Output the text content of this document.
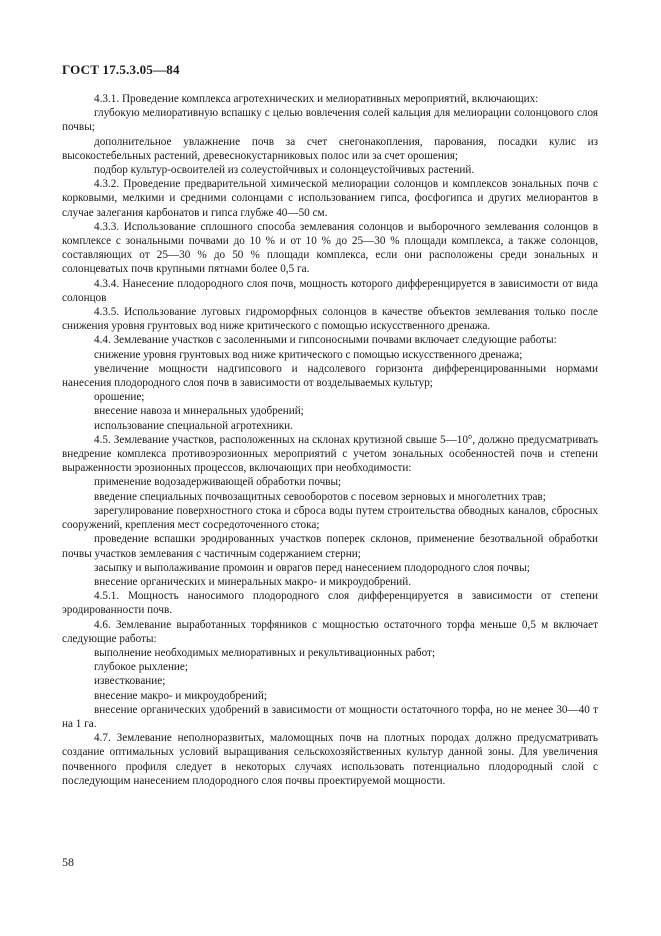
ГОСТ 17.5.3.05—84

4.3.1. Проведение комплекса агротехнических и мелиоративных мероприятий, включающих:

глубокую мелиоративную вспашку с целью вовлечения солей кальция для мелиорации солонцового слоя почвы;

дополнительное увлажнение почв за счет снегонакопления, парования, посадки кулис из высокостебельных растений, древеснокустарниковых полос или за счет орошения;

подбор культур-освоителей из солеустойчивых и солонцеустойчивых растений.

4.3.2. Проведение предварительной химической мелиорации солонцов и комплексов зональных почв с корковыми, мелкими и средними солонцами с использованием гипса, фосфогипса и других мелиорантов в случае залегания карбонатов и гипса глубже 40—50 см.

4.3.3. Использование сплошного способа землевания солонцов и выборочного землевания солонцов в комплексе с зональными почвами до 10 % и от 10 % до 25—30 % площади комплекса, а также солонцов, составляющих от 25—30 % до 50 % площади комплекса, если они расположены среди зональных и солонцеватых почв крупными пятнами более 0,5 га.

4.3.4. Нанесение плодородного слоя почв, мощность которого дифференцируется в зависимости от вида солонцов

4.3.5. Использование луговых гидроморфных солонцов в качестве объектов землевания только после снижения уровня грунтовых вод ниже критического с помощью искусственного дренажа.

4.4. Землевание участков с засоленными и гипсоносными почвами включает следующие работы:

снижение уровня грунтовых вод ниже критического с помощью искусственного дренажа;

увеличение мощности надгипсового и надсолевого горизонта дифференцированными нормами нанесения плодородного слоя почв в зависимости от возделываемых культур;

орошение;

внесение навоза и минеральных удобрений;

использование специальной агротехники.

4.5. Землевание участков, расположенных на склонах крутизной свыше 5—10°, должно предусматривать внедрение комплекса противоэрозионных мероприятий с учетом зональных особенностей почв и степени выраженности эрозионных процессов, включающих при необходимости:

применение водозадерживающей обработки почвы;

введение специальных почвозащитных севооборотов с посевом зерновых и многолетних трав;

зарегулирование поверхностного стока и сброса воды путем строительства обводных каналов, сбросных сооружений, крепления мест сосредоточенного стока;

проведение вспашки эродированных участков поперек склонов, применение безотвальной обработки почвы участков землевания с частичным содержанием стерни;

засыпку и выполаживание промоин и оврагов перед нанесением плодородного слоя почвы;

внесение органических и минеральных макро- и микроудобрений.

4.5.1. Мощность наносимого плодородного слоя дифференцируется в зависимости от степени эродированности почв.

4.6. Землевание выработанных торфяников с мощностью остаточного торфа меньше 0,5 м включает следующие работы:

выполнение необходимых мелиоративных и рекультивационных работ;

глубокое рыхление;

известкование;

внесение макро- и микроудобрений;

внесение органических удобрений в зависимости от мощности остаточного торфа, но не менее 30—40 т на 1 га.

4.7. Землевание неполноразвитых, маломощных почв на плотных породах должно предусматривать создание оптимальных условий выращивания сельскохозяйственных культур данной зоны. Для увеличения почвенного профиля следует в некоторых случаях использовать потенциально плодородный слой с последующим нанесением плодородного слоя почвы проектируемой мощности.

58
